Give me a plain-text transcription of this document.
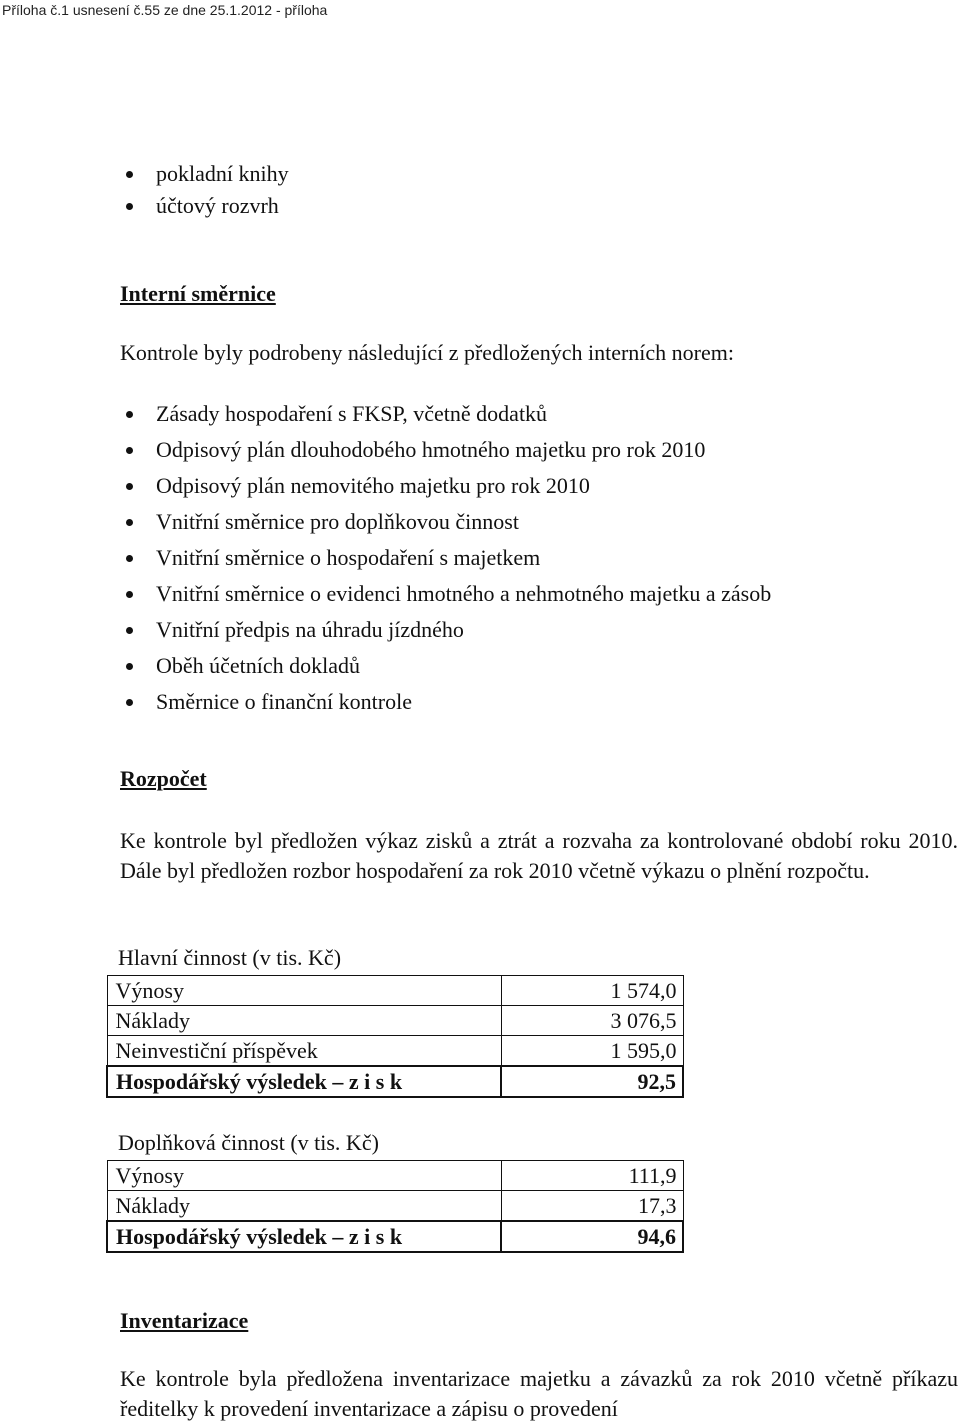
Příloha č.1 usnesení č.55 ze dne 25.1.2012 - příloha
pokladní knihy
účtový rozvrh
Interní směrnice
Kontrole byly podrobeny následující z předložených interních norem:
Zásady hospodaření s FKSP, včetně dodatků
Odpisový plán dlouhodobého hmotného majetku pro rok 2010
Odpisový plán nemovitého majetku pro rok 2010
Vnitřní směrnice pro doplňkovou činnost
Vnitřní směrnice o hospodaření s majetkem
Vnitřní směrnice o evidenci hmotného a nehmotného majetku a zásob
Vnitřní předpis na úhradu jízdného
Oběh účetních dokladů
Směrnice o finanční kontrole
Rozpočet
Ke kontrole byl předložen výkaz zisků a ztrát a rozvaha za kontrolované období roku 2010. Dále byl předložen rozbor hospodaření za rok 2010 včetně výkazu o plnění rozpočtu.
Hlavní činnost (v tis. Kč)
Výnosy	1 574,0
Náklady	3 076,5
Neinvestiční příspěvek	1 595,0
Hospodářský výsledek – z i s k	92,5
Doplňková činnost (v tis. Kč)
Výnosy	111,9
Náklady	17,3
Hospodářský výsledek – z i s k	94,6
Inventarizace
Ke kontrole byla předložena inventarizace majetku a závazků za rok 2010 včetně příkazu ředitelky k provedení inventarizace a zápisu o provedení
